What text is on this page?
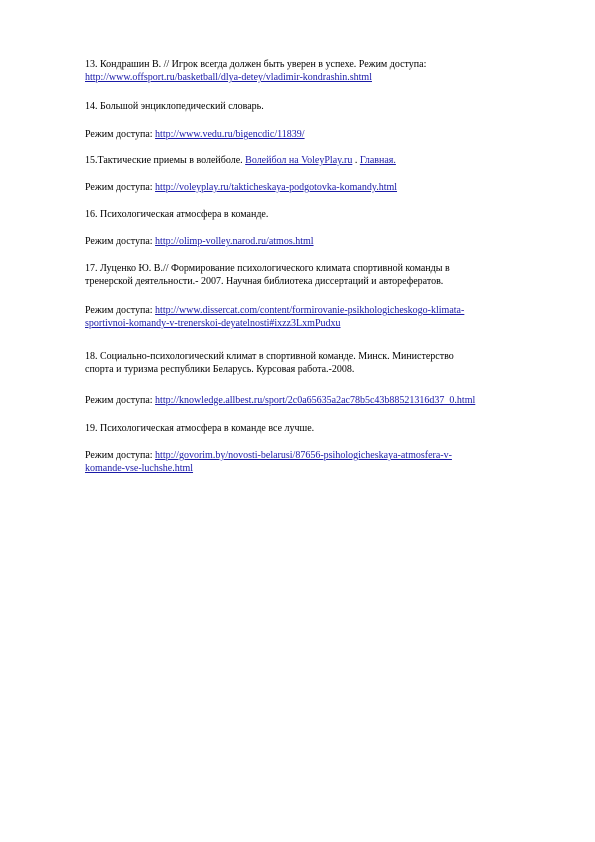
13. Кондрашин В. // Игрок всегда должен быть уверен в успехе. Режим доступа:
http://www.offsport.ru/basketball/dlya-detey/vladimir-kondrashin.shtml
14. Большой энциклопедический словарь.
Режим доступа: http://www.vedu.ru/bigencdic/11839/
15.Тактические приемы в волейболе. Волейбол на VoleyPlay.ru . Главная.
Режим доступа: http://voleyplay.ru/takticheskaya-podgotovka-komandy.html
16. Психологическая атмосфера в команде.
Режим доступа: http://olimp-volley.narod.ru/atmos.html
17. Луценко Ю. В.// Формирование психологического климата спортивной команды в
тренерской деятельности.- 2007. Научная библиотека диссертаций и авторефератов.
Режим доступа: http://www.dissercat.com/content/formirovanie-psikhologicheskogo-klimata-
sportivnoi-komandy-v-trenerskoi-deyatelnosti#ixzz3LxmPudxu
18. Социально-психологический климат в спортивной команде. Минск. Министерство
спорта и туризма республики Беларусь. Курсовая работа.-2008.
Режим доступа: http://knowledge.allbest.ru/sport/2c0a65635a2ac78b5c43b88521316d37_0.html
19. Психологическая атмосфера в команде все лучше.
Режим доступа: http://govorim.by/novosti-belarusi/87656-psihologicheskaya-atmosfera-v-
komande-vse-luchshe.html
